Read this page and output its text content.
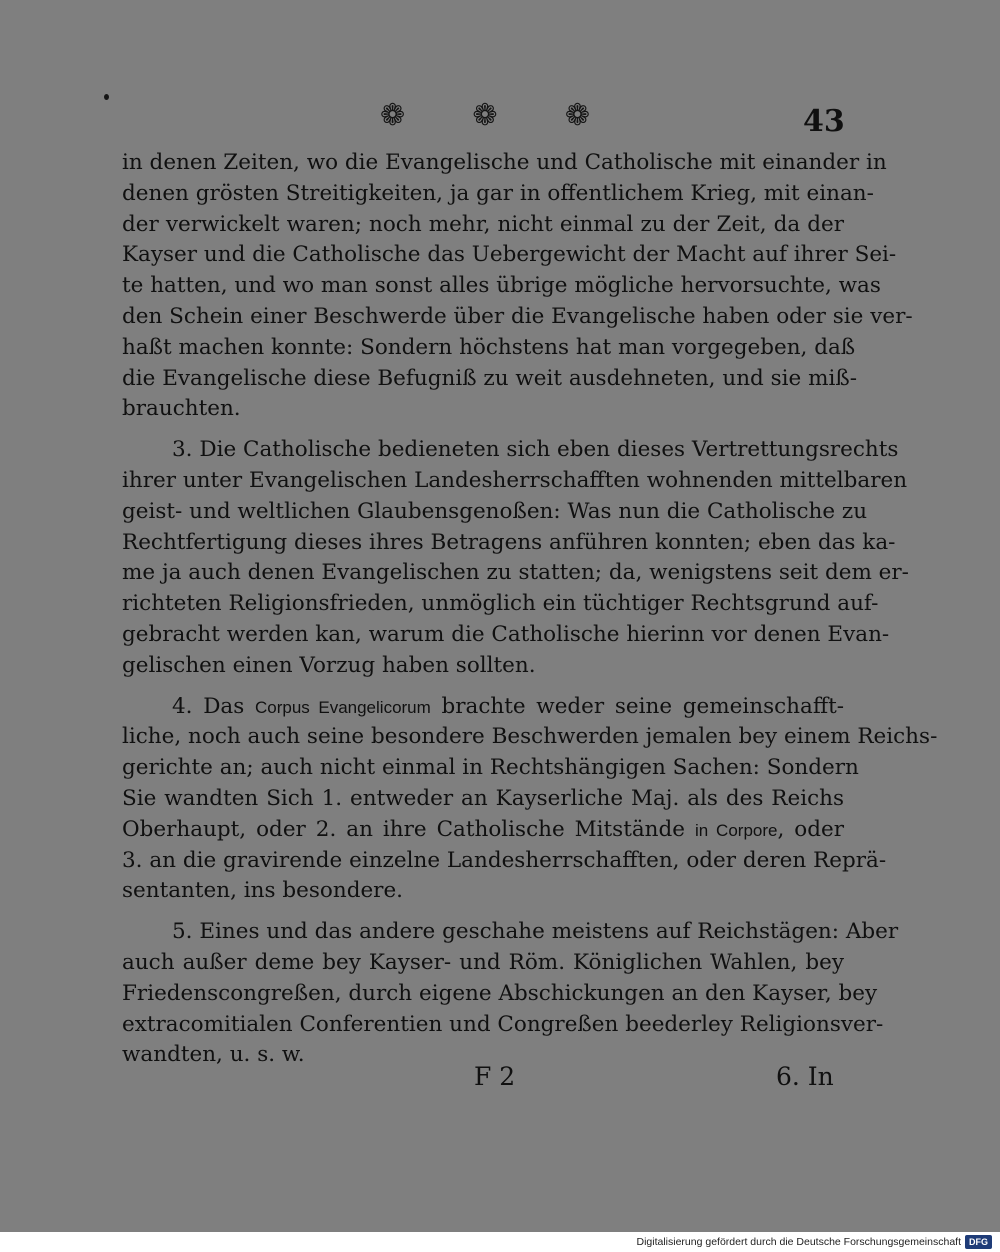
❁ ❁ ❁	43
in denen Zeiten, wo die Evangelische und Catholische mit einander in
denen grösten Streitigkeiten, ja gar in offentlichem Krieg, mit einan-
der verwickelt waren; noch mehr, nicht einmal zu der Zeit, da der
Kayser und die Catholische das Uebergewicht der Macht auf ihrer Sei-
te hatten, und wo man sonst alles übrige mögliche hervorsuchte, was
den Schein einer Beschwerde über die Evangelische haben oder sie ver-
haßt machen konnte: Sondern höchstens hat man vorgegeben, daß
die Evangelische diese Befugniß zu weit ausdehneten, und sie miß-
brauchten.
3. Die Catholische bedieneten sich eben dieses Vertrettungsrechts
ihrer unter Evangelischen Landesherrschafften wohnenden mittelbaren
geist- und weltlichen Glaubensgenoßen: Was nun die Catholische zu
Rechtfertigung dieses ihres Betragens anführen konnten; eben das ka-
me ja auch denen Evangelischen zu statten; da, wenigstens seit dem er-
richteten Religionsfrieden, unmöglich ein tüchtiger Rechtsgrund auf-
gebracht werden kan, warum die Catholische hierinn vor denen Evan-
gelischen einen Vorzug haben sollten.
4. Das Corpus Evangelicorum brachte weder seine gemeinschafft-
liche, noch auch seine besondere Beschwerden jemalen bey einem Reichs-
gerichte an; auch nicht einmal in Rechtshängigen Sachen: Sondern
Sie wandten Sich 1. entweder an Kayserliche Maj. als des Reichs
Oberhaupt, oder 2. an ihre Catholische Mitstände in Corpore, oder
3. an die gravirende einzelne Landesherrschafften, oder deren Reprä-
sentanten, ins besondere.
5. Eines und das andere geschahe meistens auf Reichstägen: Aber
auch außer deme bey Kayser- und Röm. Königlichen Wahlen, bey
Friedenscongreßen, durch eigene Abschickungen an den Kayser, bey
extracomitialen Conferentien und Congreßen beederley Religionsver-
wandten, u. s. w.
F 2	6. In
Digitalisierung gefördert durch die Deutsche Forschungsgemeinschaft DFG
